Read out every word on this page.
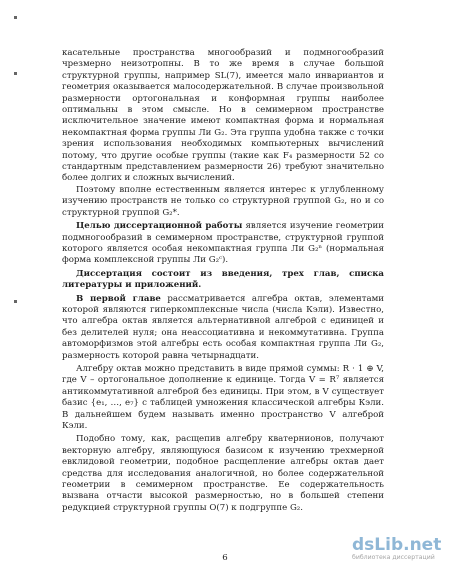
касательные пространства многообразий и подмногообразий чрезмерно неизотропны. В то же время в случае большой структурной группы, например SL(7), имеется мало инвариантов и геометрия оказывается малосодержательной. В случае произвольной размерности ортогональная и конформная группы наиболее оптимальны в этом смысле. Но в семимерном пространстве исключительное значение имеют компактная форма и нормальная некомпактная форма группы Ли G₂. Эта группа удобна также с точки зрения использования необходимых компьютерных вычислений потому, что другие особые группы (такие как F₄ размерности 52 со стандартным представлением размерности 26) требуют значительно более долгих и сложных вычислений.

Поэтому вполне естественным является интерес к углубленному изучению пространств не только со структурной группой G₂, но и со структурной группой G₂*.

Целью диссертационной работы является изучение геометрии подмногообразий в семимерном пространстве, структурной группой которого является особая некомпактная группа Ли G₂ⁿ (нормальная форма комплексной группы Ли G₂ᶜ).

Диссертация состоит из введения, трех глав, списка литературы и приложений.

В первой главе рассматривается алгебра октав, элементами которой являются гиперкомплексные числа (числа Кэли). Известно, что алгебра октав является альтернативной алгеброй с единицей и без делителей нуля; она неассоциативна и некоммутативна. Группа автоморфизмов этой алгебры есть особая компактная группа Ли G₂, размерность которой равна четырнадцати.

Алгебру октав можно представить в виде прямой суммы: R · 1 ⊕ V, где V – ортогональное дополнение к единице. Тогда V = R⁷ является антикоммутативной алгеброй без единицы. При этом, в V существует базис {e₁, …, e₇} с таблицей умножения классической алгебры Кэли. В дальнейшем будем называть именно пространство V алгеброй Кэли.

Подобно тому, как, расщепив алгебру кватернионов, получают векторную алгебру, являющуюся базисом к изучению трехмерной евклидовой геометрии, подобное расщепление алгебры октав дает средства для исследования аналогичной, но более содержательной геометрии в семимерном пространстве. Ее содержательность вызвана отчасти высокой размерностью, но в большей степени редукцией структурной группы O(7) к подгруппе G₂.

6
dsLib.net
библиотека диссертаций
